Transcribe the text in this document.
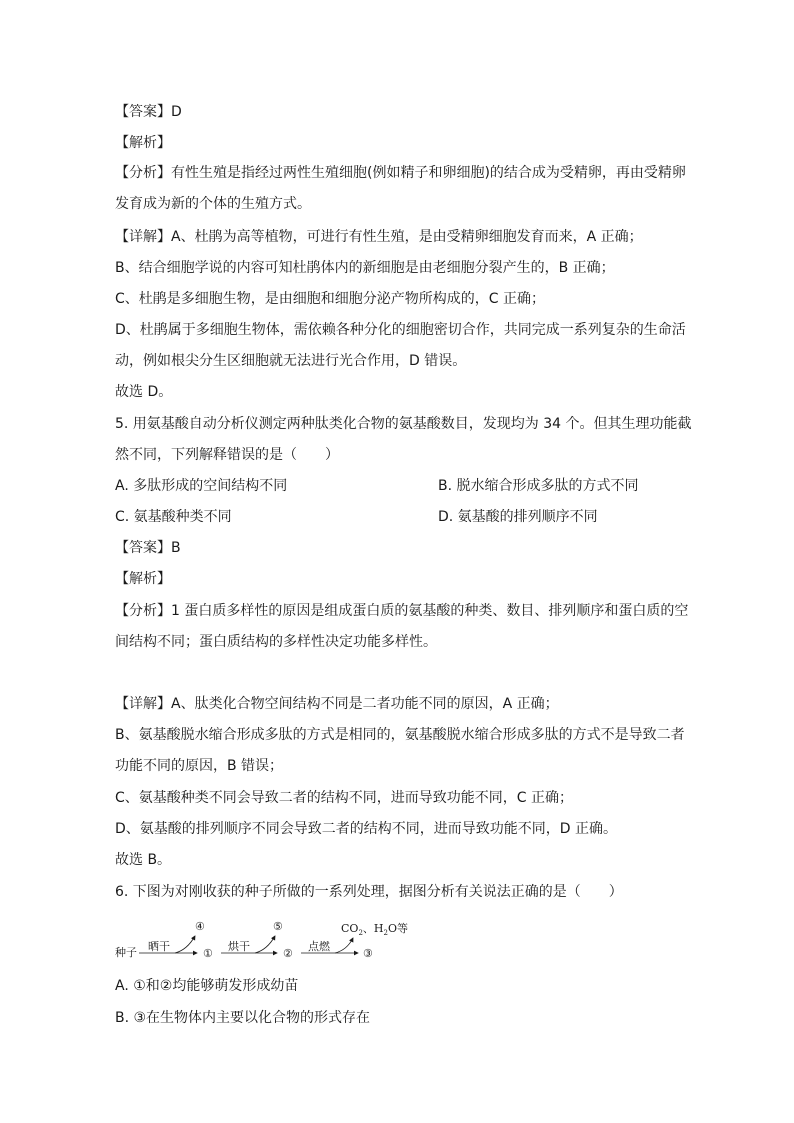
【答案】D
【解析】
【分析】有性生殖是指经过两性生殖细胞(例如精子和卵细胞)的结合成为受精卵，再由受精卵
发育成为新的个体的生殖方式。
【详解】A、杜鹃为高等植物，可进行有性生殖，是由受精卵细胞发育而来，A 正确；
B、结合细胞学说的内容可知杜鹃体内的新细胞是由老细胞分裂产生的，B 正确；
C、杜鹃是多细胞生物，是由细胞和细胞分泌产物所构成的，C 正确；
D、杜鹃属于多细胞生物体，需依赖各种分化的细胞密切合作，共同完成一系列复杂的生命活
动，例如根尖分生区细胞就无法进行光合作用，D 错误。
故选 D。
5. 用氨基酸自动分析仪测定两种肽类化合物的氨基酸数目，发现均为 34 个。但其生理功能截
然不同，下列解释错误的是（　　）
A. 多肽形成的空间结构不同	B. 脱水缩合形成多肽的方式不同
C. 氨基酸种类不同	D. 氨基酸的排列顺序不同
【答案】B
【解析】
【分析】1 蛋白质多样性的原因是组成蛋白质的氨基酸的种类、数目、排列顺序和蛋白质的空
间结构不同；蛋白质结构的多样性决定功能多样性。
【详解】A、肽类化合物空间结构不同是二者功能不同的原因，A 正确；
B、氨基酸脱水缩合形成多肽的方式是相同的，氨基酸脱水缩合形成多肽的方式不是导致二者
功能不同的原因，B 错误；
C、氨基酸种类不同会导致二者的结构不同，进而导致功能不同，C 正确；
D、氨基酸的排列顺序不同会导致二者的结构不同，进而导致功能不同，D 正确。
故选 B。
6. 下图为对刚收获的种子所做的一系列处理，据图分析有关说法正确的是（　　）
种子 晒干
④
①
烘干
⑤
②
点燃
$CO_2$、$H_2O$等
③
A. ①和②均能够萌发形成幼苗
B. ③在生物体内主要以化合物的形式存在
